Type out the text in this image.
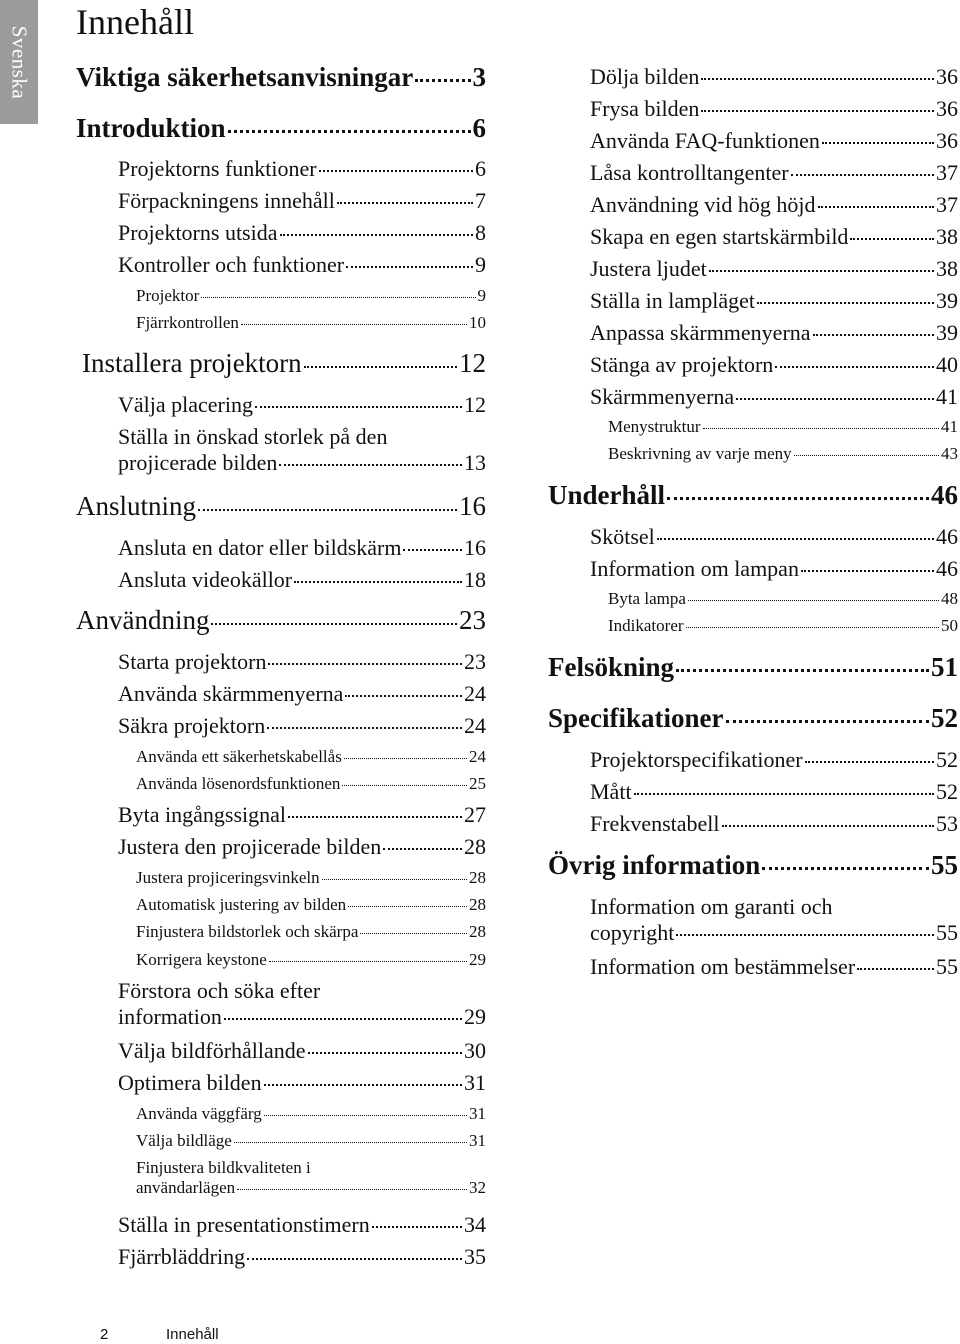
Svenska
Innehåll
Viktiga säkerhetsanvisningar 3
Introduktion	6
Projektorns funktioner	6
Förpackningens innehåll	7
Projektorns utsida	8
Kontroller och funktioner	9
Projektor	9
Fjärrkontrollen	10
Installera projektorn	12
Välja placering	12
Ställa in önskad storlek på den
projicerade bilden	13
Anslutning	16
Ansluta en dator eller bildskärm	16
Ansluta videokällor	18
Användning	23
Starta projektorn	23
Använda skärmmenyerna	24
Säkra projektorn	24
Använda ett säkerhetskabellås	24
Använda lösenordsfunktionen	25
Byta ingångssignal	27
Justera den projicerade bilden	28
Justera projiceringsvinkeln	28
Automatisk justering av bilden	28
Finjustera bildstorlek och skärpa	28
Korrigera keystone	29
Förstora och söka efter
information	29
Välja bildförhållande	30
Optimera bilden	31
Använda väggfärg	31
Välja bildläge	31
Finjustera bildkvaliteten i
användarlägen	32
Ställa in presentationstimern	34
Fjärrbläddring	35
Dölja bilden	36
Frysa bilden	36
Använda FAQ-funktionen	36
Låsa kontrolltangenter	37
Användning vid hög höjd	37
Skapa en egen startskärmbild	38
Justera ljudet	38
Ställa in lampläget	39
Anpassa skärmmenyerna	39
Stänga av projektorn	40
Skärmmenyerna	41
Menystruktur	41
Beskrivning av varje meny	43
Underhåll	46
Skötsel	46
Information om lampan	46
Byta lampa	48
Indikatorer	50
Felsökning	51
Specifikationer	52
Projektorspecifikationer	52
Mått	52
Frekvenstabell	53
Övrig information	55
Information om garanti och
copyright	55
Information om bestämmelser	55
2	Innehåll
